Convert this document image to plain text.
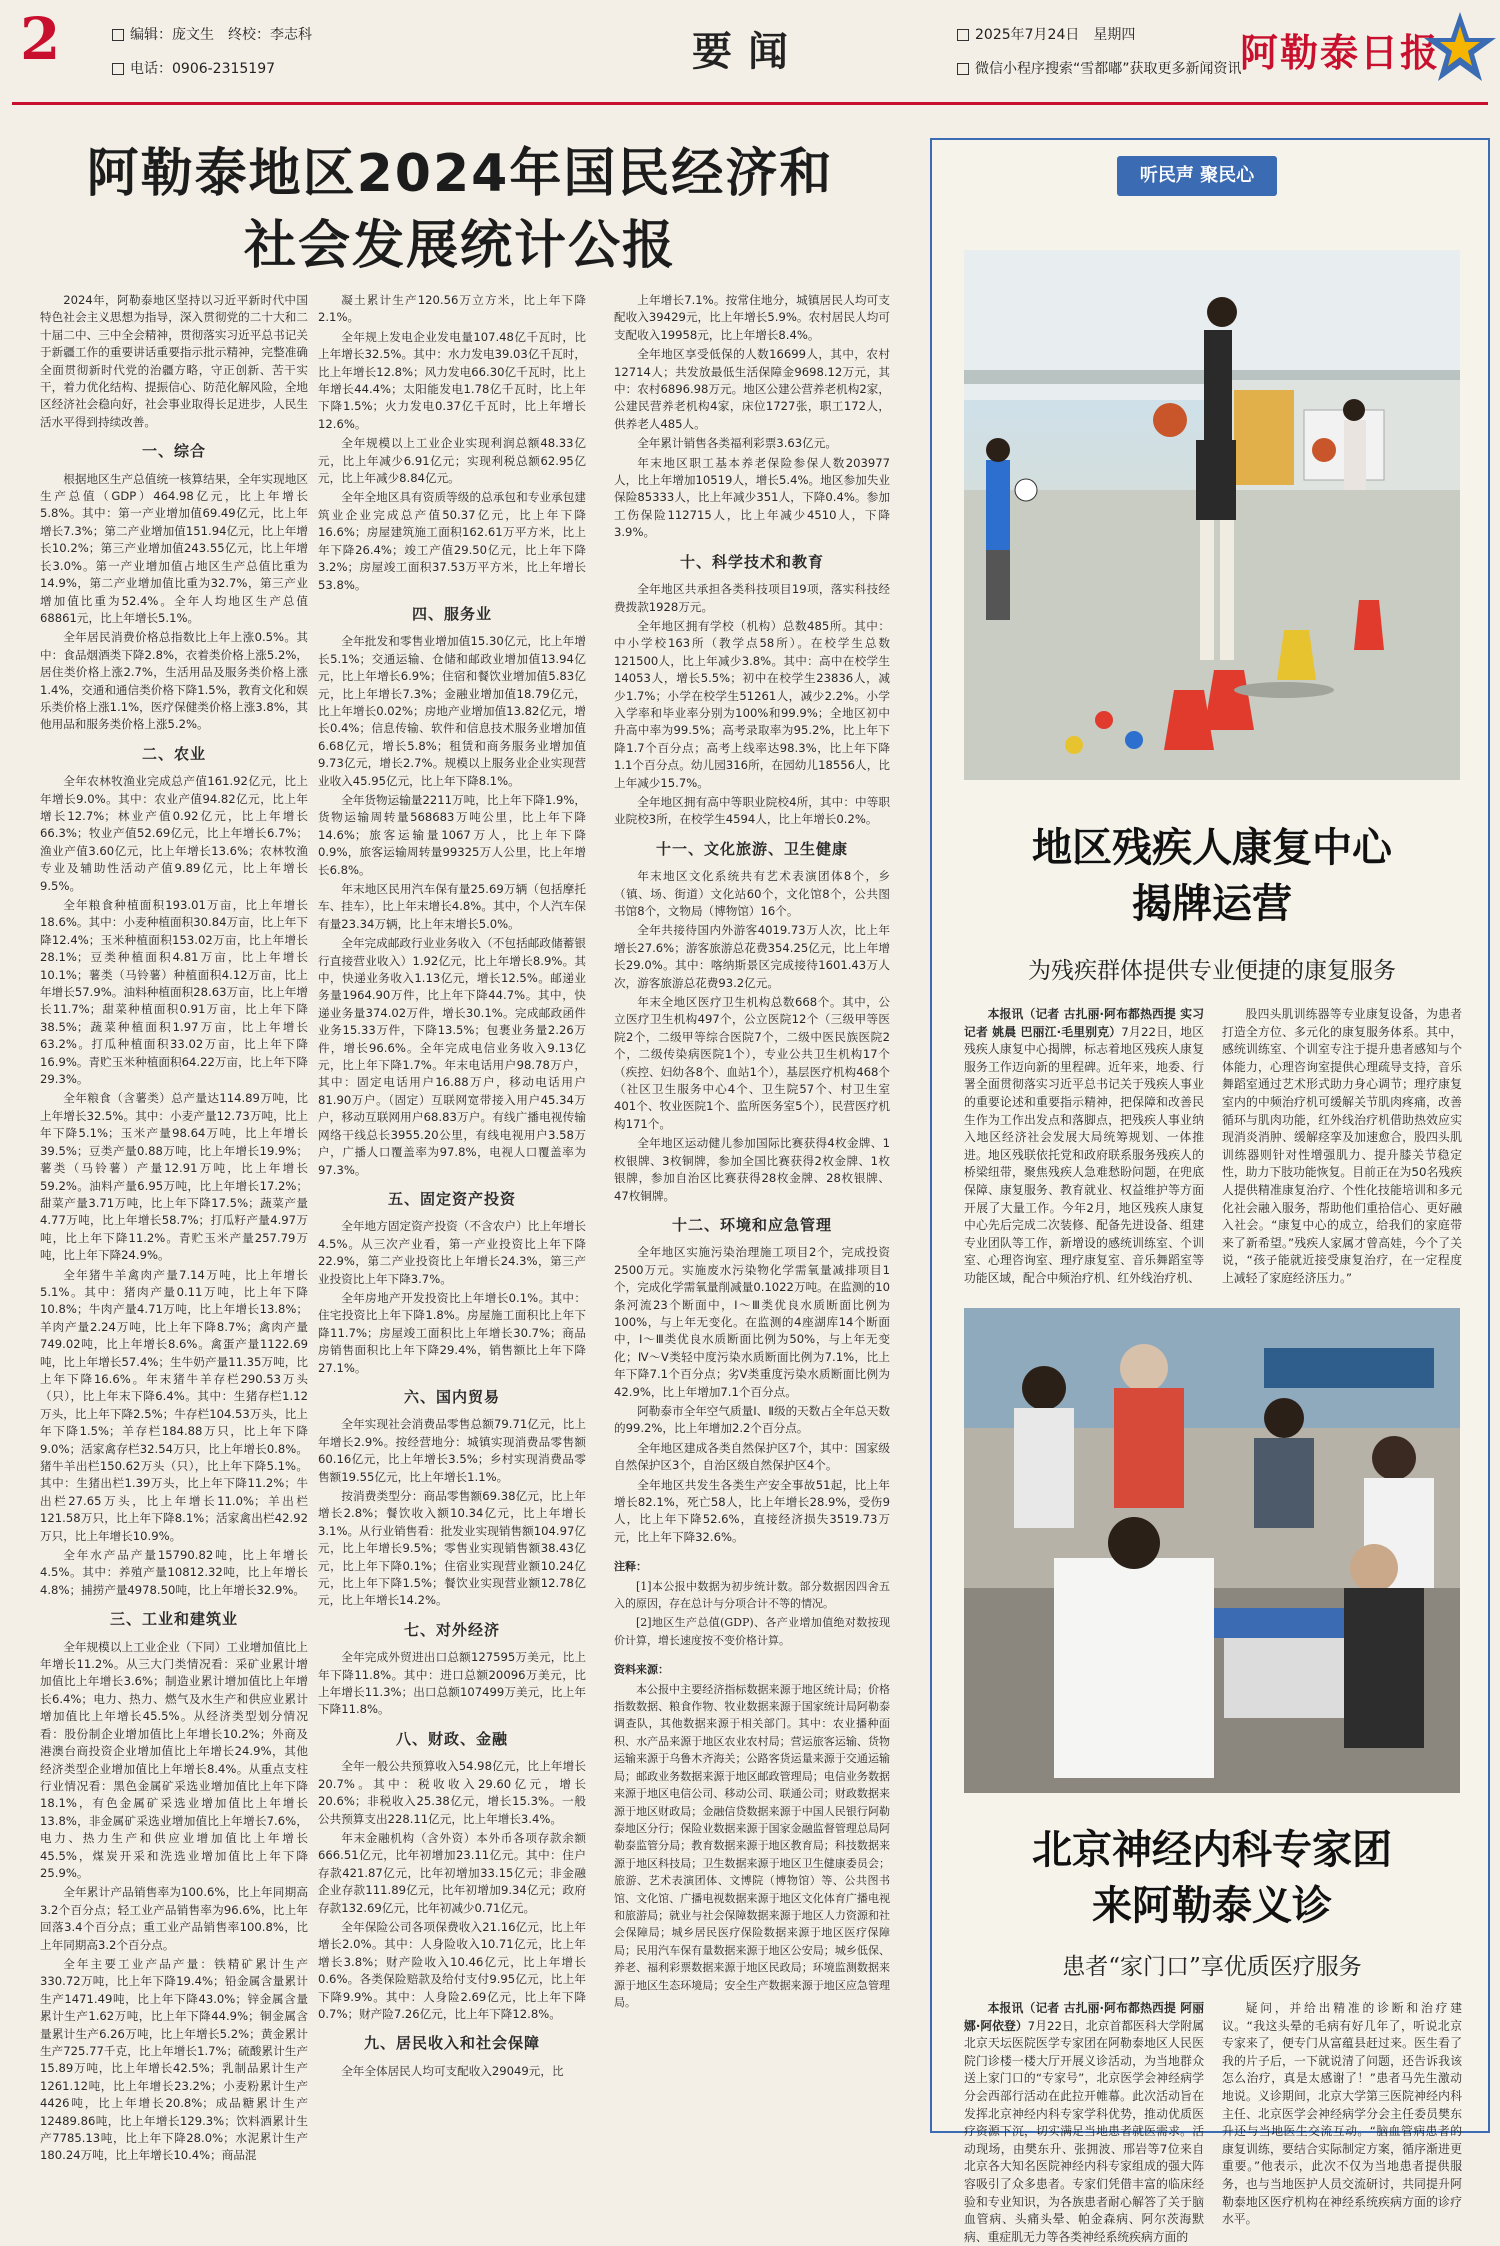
2	编辑：庞文生　终校：李志科
电话：0906-2315197	要闻	2025年7月24日　星期四
微信小程序搜索“雪都嘟”获取更多新闻资讯
阿勒泰日报
阿勒泰地区2024年国民经济和
社会发展统计公报

2024年，阿勒泰地区坚持以习近平新时代中国特色社会主义思想为指导，深入贯彻党的二十大和二十届二中、三中全会精神，贯彻落实习近平总书记关于新疆工作的重要讲话重要指示批示精神，完整准确全面贯彻新时代党的治疆方略，守正创新、苦干实干，着力优化结构、提振信心、防范化解风险，全地区经济社会稳向好，社会事业取得长足进步，人民生活水平得到持续改善。

一、综合

根据地区生产总值统一核算结果，全年实现地区生产总值（GDP）464.98亿元，比上年增长5.8%。其中：第一产业增加值69.49亿元，比上年增长7.3%；第二产业增加值151.94亿元，比上年增长10.2%；第三产业增加值243.55亿元，比上年增长3.0%。第一产业增加值占地区生产总值比重为14.9%，第二产业增加值比重为32.7%，第三产业增加值比重为52.4%。全年人均地区生产总值68861元，比上年增长5.1%。

全年居民消费价格总指数比上年上涨0.5%。其中：食品烟酒类下降2.8%，衣着类价格上涨5.2%，居住类价格上涨2.7%，生活用品及服务类价格上涨1.4%，交通和通信类价格下降1.5%，教育文化和娱乐类价格上涨1.1%，医疗保健类价格上涨3.8%，其他用品和服务类价格上涨5.2%。

二、农业

全年农林牧渔业完成总产值161.92亿元，比上年增长9.0%。其中：农业产值94.82亿元，比上年增长12.7%；林业产值0.92亿元，比上年增长66.3%；牧业产值52.69亿元，比上年增长6.7%；渔业产值3.60亿元，比上年增长13.6%；农林牧渔专业及辅助性活动产值9.89亿元，比上年增长9.5%。

全年粮食种植面积193.01万亩，比上年增长18.6%。其中：小麦种植面积30.84万亩，比上年下降12.4%；玉米种植面积153.02万亩，比上年增长28.1%；豆类种植面积4.81万亩，比上年增长10.1%；薯类（马铃薯）种植面积4.12万亩，比上年增长57.9%。油料种植面积28.63万亩，比上年增长11.7%；甜菜种植面积0.91万亩，比上年下降38.5%；蔬菜种植面积1.97万亩，比上年增长63.2%。打瓜种植面积33.02万亩，比上年下降16.9%。青贮玉米种植面积64.22万亩，比上年下降29.3%。

全年粮食（含薯类）总产量达114.89万吨，比上年增长32.5%。其中：小麦产量12.73万吨，比上年下降5.1%；玉米产量98.64万吨，比上年增长39.5%；豆类产量0.88万吨，比上年增长19.9%；薯类（马铃薯）产量12.91万吨，比上年增长59.2%。油料产量6.95万吨，比上年增长17.2%；甜菜产量3.71万吨，比上年下降17.5%；蔬菜产量4.77万吨，比上年增长58.7%；打瓜籽产量4.97万吨，比上年下降11.2%。青贮玉米产量257.79万吨，比上年下降24.9%。

全年猪牛羊禽肉产量7.14万吨，比上年增长5.1%。其中：猪肉产量0.11万吨，比上年下降10.8%；牛肉产量4.71万吨，比上年增长13.8%；羊肉产量2.24万吨，比上年下降8.7%；禽肉产量749.02吨，比上年增长8.6%。禽蛋产量1122.69吨，比上年增长57.4%；生牛奶产量11.35万吨，比上年下降16.6%。年末猪牛羊存栏290.53万头（只），比上年末下降6.4%。其中：生猪存栏1.12万头，比上年下降2.5%；牛存栏104.53万头，比上年下降1.5%；羊存栏184.88万只，比上年下降9.0%；活家禽存栏32.54万只，比上年增长0.8%。猪牛羊出栏150.62万头（只），比上年下降5.1%。其中：生猪出栏1.39万头，比上年下降11.2%；牛出栏27.65万头，比上年增长11.0%；羊出栏121.58万只，比上年下降8.1%；活家禽出栏42.92万只，比上年增长10.9%。

全年水产品产量15790.82吨，比上年增长4.5%。其中：养殖产量10812.32吨，比上年增长4.8%；捕捞产量4978.50吨，比上年增长32.9%。

三、工业和建筑业

全年规模以上工业企业（下同）工业增加值比上年增长11.2%。从三大门类情况看：采矿业累计增加值比上年增长3.6%；制造业累计增加值比上年增长6.4%；电力、热力、燃气及水生产和供应业累计增加值比上年增长45.5%。从经济类型划分情况看：股份制企业增加值比上年增长10.2%；外商及港澳台商投资企业增加值比上年增长24.9%，其他经济类型企业增加值比上年增长8.4%。从重点支柱行业情况看：黑色金属矿采选业增加值比上年下降18.1%，有色金属矿采选业增加值比上年增长13.8%，非金属矿采选业增加值比上年增长7.6%，电力、热力生产和供应业增加值比上年增长45.5%，煤炭开采和洗选业增加值比上年下降25.9%。

全年累计产品销售率为100.6%，比上年同期高3.2个百分点；轻工业产品销售率为96.6%，比上年回落3.4个百分点；重工业产品销售率100.8%，比上年同期高3.2个百分点。

全年主要工业产品产量：铁精矿累计生产330.72万吨，比上年下降19.4%；铅金属含量累计生产1471.49吨，比上年下降43.0%；锌金属含量累计生产1.62万吨，比上年下降44.9%；铜金属含量累计生产6.26万吨，比上年增长5.2%；黄金累计生产725.77千克，比上年增长1.7%；硫酸累计生产15.89万吨，比上年增长42.5%；乳制品累计生产1261.12吨，比上年增长23.2%；小麦粉累计生产4426吨，比上年增长20.8%；成品糖累计生产12489.86吨，比上年增长129.3%；饮料酒累计生产7785.13吨，比上年下降28.0%；水泥累计生产180.24万吨，比上年增长10.4%；商品混

凝土累计生产120.56万立方米，比上年下降2.1%。

全年规上发电企业发电量107.48亿千瓦时，比上年增长32.5%。其中：水力发电39.03亿千瓦时，比上年增长12.8%；风力发电66.30亿千瓦时，比上年增长44.4%；太阳能发电1.78亿千瓦时，比上年下降1.5%；火力发电0.37亿千瓦时，比上年增长12.6%。

全年规模以上工业企业实现利润总额48.33亿元，比上年减少6.91亿元；实现利税总额62.95亿元，比上年减少8.84亿元。

全年全地区具有资质等级的总承包和专业承包建筑业企业完成总产值50.37亿元，比上年下降16.6%；房屋建筑施工面积162.61万平方米，比上年下降26.4%；竣工产值29.50亿元，比上年下降3.2%；房屋竣工面积37.53万平方米，比上年增长53.8%。

四、服务业

全年批发和零售业增加值15.30亿元，比上年增长5.1%；交通运输、仓储和邮政业增加值13.94亿元，比上年增长6.9%；住宿和餐饮业增加值5.83亿元，比上年增长7.3%；金融业增加值18.79亿元，比上年增长0.02%；房地产业增加值13.82亿元，增长0.4%；信息传输、软件和信息技术服务业增加值6.68亿元，增长5.8%；租赁和商务服务业增加值9.73亿元，增长2.7%。规模以上服务业企业实现营业收入45.95亿元，比上年下降8.1%。

全年货物运输量2211万吨，比上年下降1.9%，货物运输周转量568683万吨公里，比上年下降14.6%；旅客运输量1067万人，比上年下降0.9%，旅客运输周转量99325万人公里，比上年增长6.8%。

年末地区民用汽车保有量25.69万辆（包括摩托车、挂车），比上年末增长4.8%。其中，个人汽车保有量23.34万辆，比上年末增长5.0%。

全年完成邮政行业业务收入（不包括邮政储蓄银行直接营业收入）1.92亿元，比上年增长8.9%。其中，快递业务收入1.13亿元，增长12.5%。邮递业务量1964.90万件，比上年下降44.7%。其中，快递业务量374.02万件，增长30.1%。完成邮政函件业务15.33万件，下降13.5%；包裹业务量2.26万件，增长96.6%。全年完成电信业务收入9.13亿元，比上年下降1.7%。年末电话用户98.78万户，其中：固定电话用户16.88万户，移动电话用户81.90万户。（固定）互联网宽带接入用户45.34万户，移动互联网用户68.83万户。有线广播电视传输网络干线总长3955.20公里，有线电视用户3.58万户，广播人口覆盖率为97.8%，电视人口覆盖率为97.3%。

五、固定资产投资

全年地方固定资产投资（不含农户）比上年增长4.5%。从三次产业看，第一产业投资比上年下降22.9%，第二产业投资比上年增长24.3%，第三产业投资比上年下降3.7%。

全年房地产开发投资比上年增长0.1%。其中：住宅投资比上年下降1.8%。房屋施工面积比上年下降11.7%；房屋竣工面积比上年增长30.7%；商品房销售面积比上年下降29.4%，销售额比上年下降27.1%。

六、国内贸易

全年实现社会消费品零售总额79.71亿元，比上年增长2.9%。按经营地分：城镇实现消费品零售额60.16亿元，比上年增长3.5%；乡村实现消费品零售额19.55亿元，比上年增长1.1%。

按消费类型分：商品零售额69.38亿元，比上年增长2.8%；餐饮收入额10.34亿元，比上年增长3.1%。从行业销售看：批发业实现销售额104.97亿元，比上年增长9.5%；零售业实现销售额38.43亿元，比上年下降0.1%；住宿业实现营业额10.24亿元，比上年下降1.5%；餐饮业实现营业额12.78亿元，比上年增长14.2%。

七、对外经济

全年完成外贸进出口总额127595万美元，比上年下降11.8%。其中：进口总额20096万美元，比上年增长11.3%；出口总额107499万美元，比上年下降11.8%。

八、财政、金融

全年一般公共预算收入54.98亿元，比上年增长20.7%。其中：税收收入29.60亿元，增长20.6%；非税收入25.38亿元，增长15.3%。一般公共预算支出228.11亿元，比上年增长3.4%。

年末金融机构（含外资）本外币各项存款余额666.51亿元，比年初增加23.11亿元。其中：住户存款421.87亿元，比年初增加33.15亿元；非金融企业存款111.89亿元，比年初增加9.34亿元；政府存款132.69亿元，比年初减少0.71亿元。

全年保险公司各项保费收入21.16亿元，比上年增长2.0%。其中：人身险收入10.71亿元，比上年增长3.8%；财产险收入10.46亿元，比上年增长0.6%。各类保险赔款及给付支付9.95亿元，比上年下降9.9%。其中：人身险2.69亿元，比上年下降0.7%；财产险7.26亿元，比上年下降12.8%。

九、居民收入和社会保障

全年全体居民人均可支配收入29049元，比

上年增长7.1%。按常住地分，城镇居民人均可支配收入39429元，比上年增长5.9%。农村居民人均可支配收入19958元，比上年增长8.4%。

全年地区享受低保的人数16699人，其中，农村12714人；共发放最低生活保障金9698.12万元，其中：农村6896.98万元。地区公建公营养老机构2家，公建民营养老机构4家，床位1727张，职工172人，供养老人485人。

全年累计销售各类福利彩票3.63亿元。

年末地区职工基本养老保险参保人数203977人，比上年增加10519人，增长5.4%。地区参加失业保险85333人，比上年减少351人，下降0.4%。参加工伤保险112715人，比上年减少4510人，下降3.9%。

十、科学技术和教育

全年地区共承担各类科技项目19项，落实科技经费拨款1928万元。

全年地区拥有学校（机构）总数485所。其中：中小学校163所（教学点58所）。在校学生总数121500人，比上年减少3.8%。其中：高中在校学生14053人，增长5.5%；初中在校学生23836人，减少1.7%；小学在校学生51261人，减少2.2%。小学入学率和毕业率分别为100%和99.9%；全地区初中升高中率为99.5%；高考录取率为95.2%，比上年下降1.7个百分点；高考上线率达98.3%，比上年下降1.1个百分点。幼儿园316所，在园幼儿18556人，比上年减少15.7%。

全年地区拥有高中等职业院校4所，其中：中等职业院校3所，在校学生4594人，比上年增长0.2%。

十一、文化旅游、卫生健康

年末地区文化系统共有艺术表演团体8个，乡（镇、场、街道）文化站60个，文化馆8个，公共图书馆8个，文物局（博物馆）16个。

全年共接待国内外游客4019.73万人次，比上年增长27.6%；游客旅游总花费354.25亿元，比上年增长29.0%。其中：喀纳斯景区完成接待1601.43万人次，游客旅游总花费93.2亿元。

年末全地区医疗卫生机构总数668个。其中，公立医疗卫生机构497个，公立医院12个（三级甲等医院2个，二级甲等综合医院7个，二级中医民族医院2个，二级传染病医院1个），专业公共卫生机构17个（疾控、妇幼各8个、血站1个），基层医疗机构468个（社区卫生服务中心4个、卫生院57个、村卫生室401个、牧业医院1个、监所医务室5个），民营医疗机构171个。

全年地区运动健儿参加国际比赛获得4枚金牌、1枚银牌、3枚铜牌，参加全国比赛获得2枚金牌、1枚银牌，参加自治区比赛获得28枚金牌、28枚银牌、47枚铜牌。

十二、环境和应急管理

全年地区实施污染治理施工项目2个，完成投资2500万元。实施废水污染物化学需氧量减排项目1个，完成化学需氧量削减量0.1022万吨。在监测的10条河流23个断面中，Ⅰ～Ⅲ类优良水质断面比例为100%，与上年无变化。在监测的4座湖库14个断面中，Ⅰ～Ⅲ类优良水质断面比例为50%，与上年无变化；Ⅳ～Ⅴ类轻中度污染水质断面比例为7.1%，比上年下降7.1个百分点；劣Ⅴ类重度污染水质断面比例为42.9%，比上年增加7.1个百分点。

阿勒泰市全年空气质量Ⅰ、Ⅱ级的天数占全年总天数的99.2%，比上年增加2.2个百分点。

全年地区建成各类自然保护区7个，其中：国家级自然保护区3个，自治区级自然保护区4个。

全年地区共发生各类生产安全事故51起，比上年增长82.1%，死亡58人，比上年增长28.9%，受伤9人，比上年下降52.6%，直接经济损失3519.73万元，比上年下降32.6%。

注释：

[1]本公报中数据为初步统计数。部分数据因四舍五入的原因，存在总计与分项合计不等的情况。

[2]地区生产总值(GDP)、各产业增加值绝对数按现价计算，增长速度按不变价格计算。

资料来源：

本公报中主要经济指标数据来源于地区统计局；价格指数数据、粮食作物、牧业数据来源于国家统计局阿勒泰调查队，其他数据来源于相关部门。其中：农业播种面积、水产品来源于地区农业农村局；营运旅客运输、货物运输来源于乌鲁木齐海关；公路客货运量来源于交通运输局；邮政业务数据来源于地区邮政管理局；电信业务数据来源于地区电信公司、移动公司、联通公司；财政数据来源于地区财政局；金融信贷数据来源于中国人民银行阿勒泰地区分行；保险业数据来源于国家金融监督管理总局阿勒泰监管分局；教育数据来源于地区教育局；科技数据来源于地区科技局；卫生数据来源于地区卫生健康委员会；旅游、艺术表演团体、文博院（博物馆）等、公共图书馆、文化馆、广播电视数据来源于地区文化体育广播电视和旅游局；就业与社会保障数据来源于地区人力资源和社会保障局；城乡居民医疗保险数据来源于地区医疗保障局；民用汽车保有量数据来源于地区公安局；城乡低保、养老、福利彩票数据来源于地区民政局；环境监测数据来源于地区生态环境局；安全生产数据来源于地区应急管理局。

听民声 聚民心
地区残疾人康复中心
揭牌运营
为残疾群体提供专业便捷的康复服务

本报讯（记者 古扎丽·阿布都热西提 实习记者 姚晨 巴丽江·毛里别克）7月22日，地区残疾人康复中心揭牌，标志着地区残疾人康复服务工作迈向新的里程碑。近年来，地委、行署全面贯彻落实习近平总书记关于残疾人事业的重要论述和重要指示精神，把保障和改善民生作为工作出发点和落脚点，把残疾人事业纳入地区经济社会发展大局统筹规划、一体推进。地区残联依托党和政府联系服务残疾人的桥梁纽带，聚焦残疾人急难愁盼问题，在兜底保障、康复服务、教育就业、权益维护等方面开展了大量工作。今年2月，地区残疾人康复中心先后完成二次装修、配备先进设备、组建专业团队等工作，新增设的感统训练室、个训室、心理咨询室、理疗康复室、音乐舞蹈室等功能区域，配合中频治疗机、红外线治疗机、

股四头肌训练器等专业康复设备，为患者打造全方位、多元化的康复服务体系。其中，感统训练室、个训室专注于提升患者感知与个体能力，心理咨询室提供心理疏导支持，音乐舞蹈室通过艺术形式助力身心调节；理疗康复室内的中频治疗机可缓解关节肌肉疼痛，改善循环与肌肉功能，红外线治疗机借助热效应实现消炎消肿、缓解痉挛及加速愈合，股四头肌训练器则针对性增强肌力、提升膝关节稳定性，助力下肢功能恢复。目前正在为50名残疾人提供精准康复治疗、个性化技能培训和多元化社会融入服务，帮助他们重拾信心、更好融入社会。“康复中心的成立，给我们的家庭带来了新希望。”残疾人家属才曾高娃，今个了关说，“孩子能就近接受康复治疗，在一定程度上减轻了家庭经济压力。”

北京神经内科专家团
来阿勒泰义诊
患者“家门口”享优质医疗服务

本报讯（记者 古扎丽·阿布都热西提 阿丽娜·阿依登）7月22日，北京首都医科大学附属北京天坛医院医学专家团在阿勒泰地区人民医院门诊楼一楼大厅开展义诊活动，为当地群众送上家门口的“专家号”，北京医学会神经病学分会西部行活动在此拉开帷幕。此次活动旨在发挥北京神经内科专家学科优势，推动优质医疗资源下沉，切实满足当地患者就医需求。活动现场，由樊东升、张拥波、邢岩等7位来自北京各大知名医院神经内科专家组成的强大阵容吸引了众多患者。专家们凭借丰富的临床经验和专业知识，为各族患者耐心解答了关于脑血管病、头痛头晕、帕金森病、阿尔茨海默病、重症肌无力等各类神经系统疾病方面的

疑问，并给出精准的诊断和治疗建议。“我这头晕的毛病有好几年了，听说北京专家来了，便专门从富蕴县赶过来。医生看了我的片子后，一下就说清了问题，还告诉我该怎么治疗，真是太感谢了！”患者马先生激动地说。义诊期间，北京大学第三医院神经内科主任、北京医学会神经病学分会主任委员樊东升还与当地医生交流互动。“脑血管病患者的康复训练，要结合实际制定方案，循序渐进更重要。”他表示，此次不仅为当地患者提供服务，也与当地医护人员交流研讨，共同提升阿勒泰地区医疗机构在神经系统疾病方面的诊疗水平。
